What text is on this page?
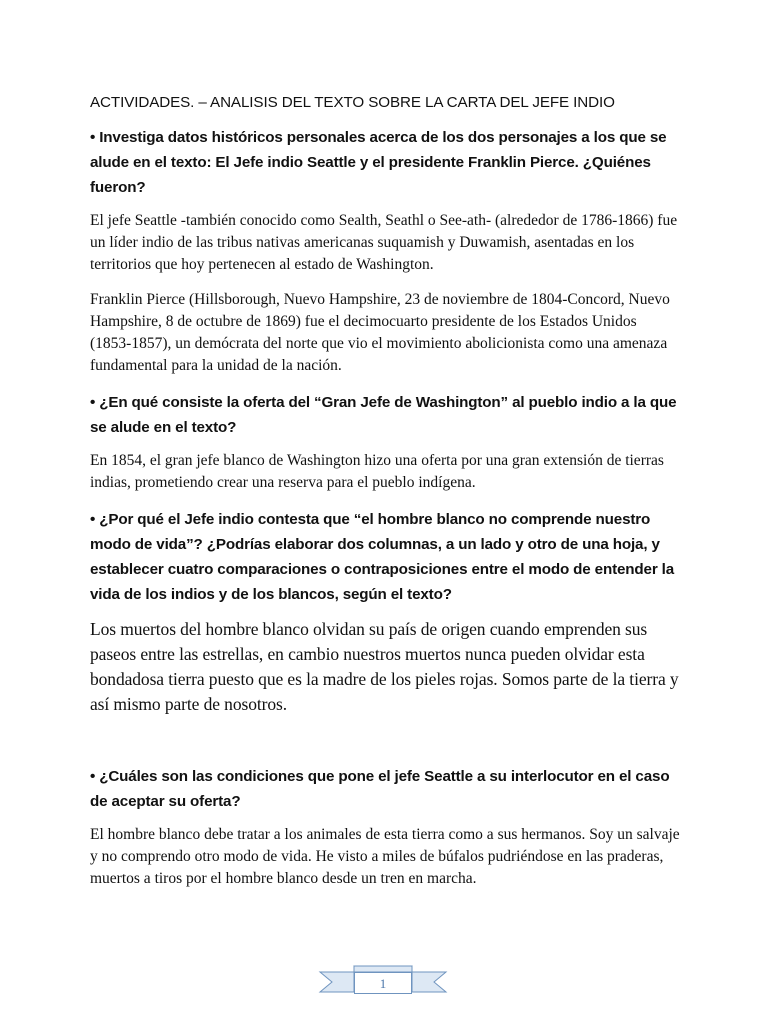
ACTIVIDADES. – ANALISIS DEL TEXTO SOBRE LA CARTA DEL JEFE INDIO

• Investiga datos históricos personales acerca de los dos personajes a los que se alude en el texto: El Jefe indio Seattle y el presidente Franklin Pierce. ¿Quiénes fueron?

El jefe Seattle -también conocido como Sealth, Seathl o See-ath- (alrededor de 1786-1866) fue un líder indio de las tribus nativas americanas suquamish y Duwamish, asentadas en los territorios que hoy pertenecen al estado de Washington.

Franklin Pierce (Hillsborough, Nuevo Hampshire, 23 de noviembre de 1804-Concord, Nuevo Hampshire, 8 de octubre de 1869) fue el decimocuarto presidente de los Estados Unidos (1853-1857), un demócrata del norte que vio el movimiento abolicionista como una amenaza fundamental para la unidad de la nación.

• ¿En qué consiste la oferta del “Gran Jefe de Washington” al pueblo indio a la que se alude en el texto?

En 1854, el gran jefe blanco de Washington hizo una oferta por una gran extensión de tierras indias, prometiendo crear una reserva para el pueblo indígena.

• ¿Por qué el Jefe indio contesta que “el hombre blanco no comprende nuestro modo de vida”? ¿Podrías elaborar dos columnas, a un lado y otro de una hoja, y establecer cuatro comparaciones o contraposiciones entre el modo de entender la vida de los indios y de los blancos, según el texto?

Los muertos del hombre blanco olvidan su país de origen cuando emprenden sus paseos entre las estrellas, en cambio nuestros muertos nunca pueden olvidar esta bondadosa tierra puesto que es la madre de los pieles rojas. Somos parte de la tierra y así mismo parte de nosotros.

• ¿Cuáles son las condiciones que pone el jefe Seattle a su interlocutor en el caso de aceptar su oferta?

El hombre blanco debe tratar a los animales de esta tierra como a sus hermanos. Soy un salvaje y no comprendo otro modo de vida. He visto a miles de búfalos pudriéndose en las praderas, muertos a tiros por el hombre blanco desde un tren en marcha.

1
